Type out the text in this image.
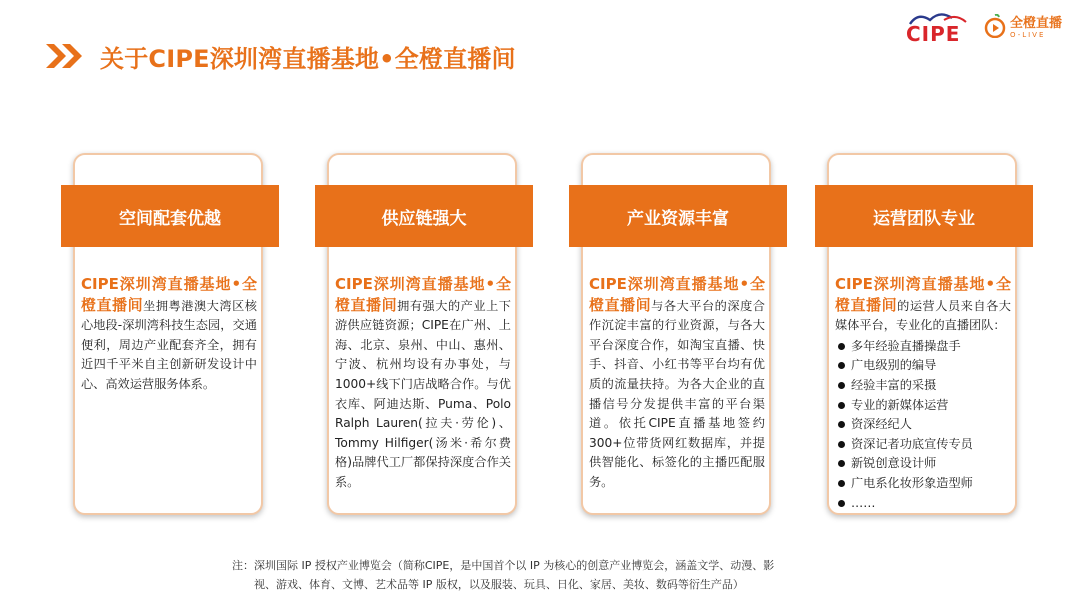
关于CIPE深圳湾直播基地•全橙直播间
CIPE	全橙直播
O-LIVE
空间配套优越
CIPE深圳湾直播基地•全橙直播间坐拥粤港澳大湾区核心地段-深圳湾科技生态园，交通便利，周边产业配套齐全，拥有近四千平米自主创新研发设计中心、高效运营服务体系。
供应链强大
CIPE深圳湾直播基地•全橙直播间拥有强大的产业上下游供应链资源；CIPE在广州、上海、北京、泉州、中山、惠州、宁波、杭州均设有办事处，与1000+线下门店战略合作。与优衣库、阿迪达斯、Puma、Polo Ralph Lauren(拉夫·劳伦)、Tommy Hilfiger(汤米·希尔费格)品牌代工厂都保持深度合作关系。
产业资源丰富
CIPE深圳湾直播基地•全橙直播间与各大平台的深度合作沉淀丰富的行业资源，与各大平台深度合作，如淘宝直播、快手、抖音、小红书等平台均有优质的流量扶持。为各大企业的直播信号分发提供丰富的平台渠道。依托CIPE直播基地签约300+位带货网红数据库，并提供智能化、标签化的主播匹配服务。
运营团队专业
CIPE深圳湾直播基地•全橙直播间的运营人员来自各大媒体平台，专业化的直播团队：
多年经验直播操盘手
广电级别的编导
经验丰富的采摄
专业的新媒体运营
资深经纪人
资深记者功底宣传专员
新锐创意设计师
广电系化妆形象造型师
……
注：深圳国际 IP 授权产业博览会（简称CIPE，是中国首个以 IP 为核心的创意产业博览会，涵盖文学、动漫、影
视、游戏、体育、文博、艺术品等 IP 版权，以及服装、玩具、日化、家居、美妆、数码等衍生产品）
